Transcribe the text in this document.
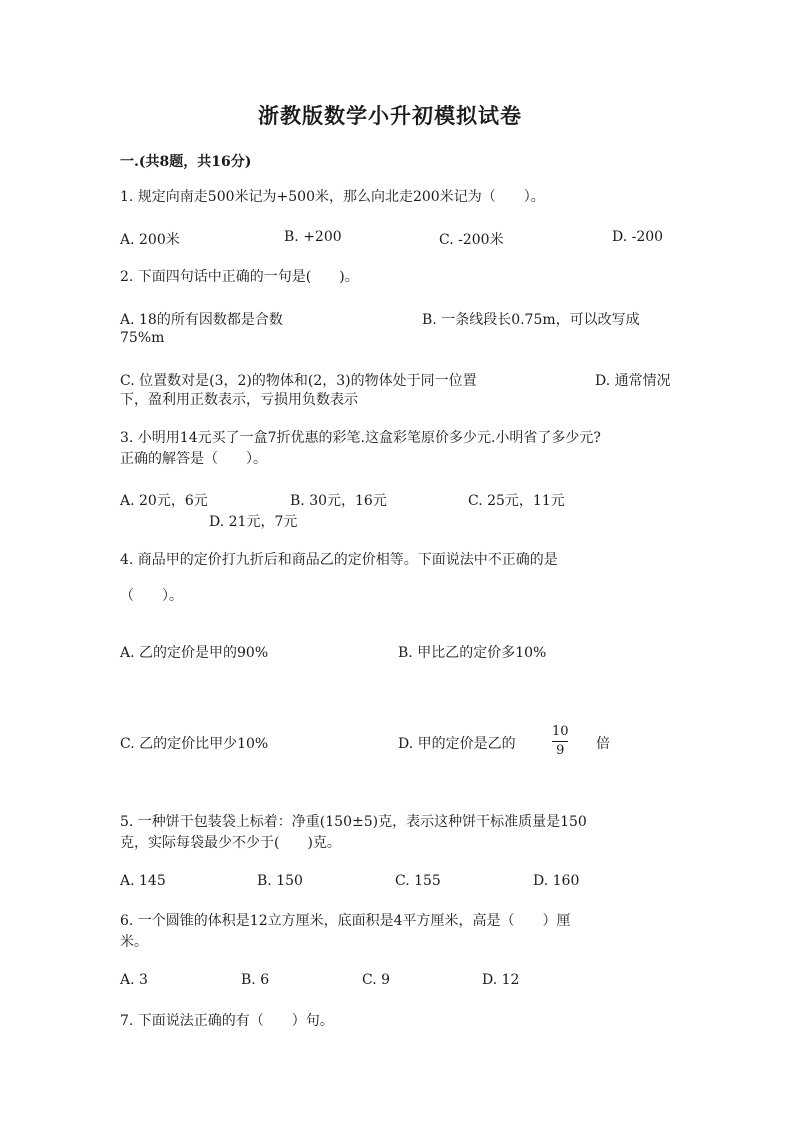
浙教版数学小升初模拟试卷
一.(共8题，共16分)
1. 规定向南走500米记为+500米，那么向北走200米记为（　　）。
A. 200米	B. +200	C. -200米	D. -200
2. 下面四句话中正确的一句是(　　)。
A. 18的所有因数都是合数	B. 一条线段长0.75m，可以改写成
75%m
C. 位置数对是(3，2)的物体和(2，3)的物体处于同一位置	D. 通常情况
下，盈利用正数表示，亏损用负数表示
3. 小明用14元买了一盒7折优惠的彩笔.这盒彩笔原价多少元.小明省了多少元?
正确的解答是（　　）。
A. 20元，6元	B. 30元，16元	C. 25元，11元
D. 21元，7元
4. 商品甲的定价打九折后和商品乙的定价相等。下面说法中不正确的是
（　　）。
A. 乙的定价是甲的90%	B. 甲比乙的定价多10%
C. 乙的定价比甲少10%	D. 甲的定价是乙的
10
9 倍
5. 一种饼干包装袋上标着：净重(150±5)克，表示这种饼干标准质量是150
克，实际每袋最少不少于(　　)克。
A. 145	B. 150	C. 155	D. 160
6. 一个圆锥的体积是12立方厘米，底面积是4平方厘米，高是（　　）厘
米。
A. 3	B. 6	C. 9	D. 12
7. 下面说法正确的有（　　）句。
